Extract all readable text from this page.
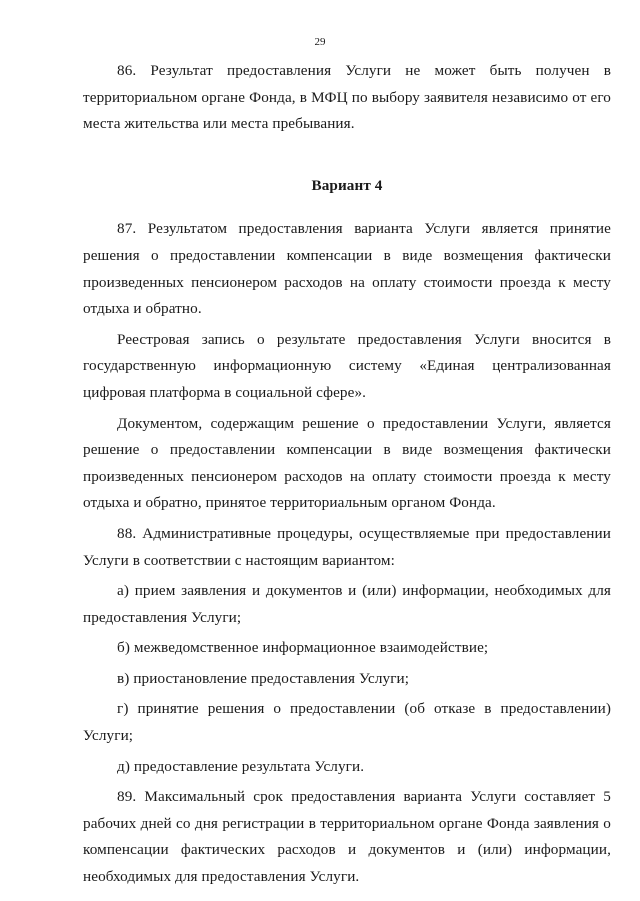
29

86. Результат предоставления Услуги не может быть получен в территориальном органе Фонда, в МФЦ по выбору заявителя независимо от его места жительства или места пребывания.

Вариант 4

87. Результатом предоставления варианта Услуги является принятие решения о предоставлении компенсации в виде возмещения фактически произведенных пенсионером расходов на оплату стоимости проезда к месту отдыха и обратно.

Реестровая запись о результате предоставления Услуги вносится в государственную информационную систему «Единая централизованная цифровая платформа в социальной сфере».

Документом, содержащим решение о предоставлении Услуги, является решение о предоставлении компенсации в виде возмещения фактически произведенных пенсионером расходов на оплату стоимости проезда к месту отдыха и обратно, принятое территориальным органом Фонда.

88. Административные процедуры, осуществляемые при предоставлении Услуги в соответствии с настоящим вариантом:

а) прием заявления и документов и (или) информации, необходимых для предоставления Услуги;

б) межведомственное информационное взаимодействие;

в) приостановление предоставления Услуги;

г) принятие решения о предоставлении (об отказе в предоставлении) Услуги;

д) предоставление результата Услуги.

89. Максимальный срок предоставления варианта Услуги составляет 5 рабочих дней со дня регистрации в территориальном органе Фонда заявления о компенсации фактических расходов и документов и (или) информации, необходимых для предоставления Услуги.
